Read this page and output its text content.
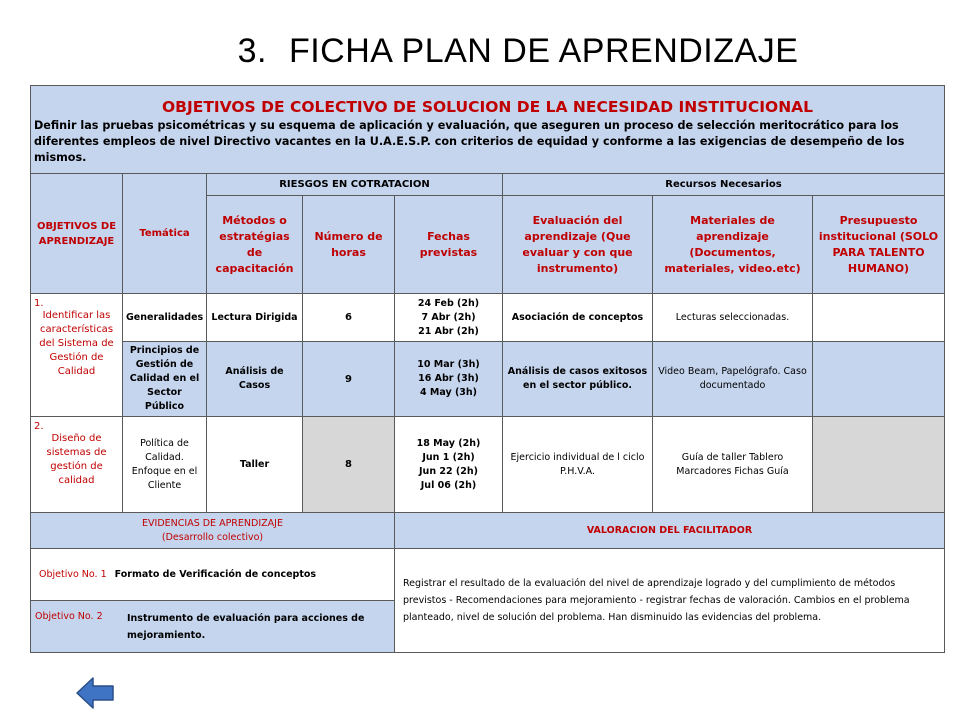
3. FICHA PLAN DE APRENDIZAJE
OBJETIVOS DE COLECTIVO DE SOLUCION DE LA NECESIDAD INSTITUCIONAL
Definir las pruebas psicométricas y su esquema de aplicación y evaluación, que aseguren un proceso de selección meritocrático para los diferentes empleos de nivel Directivo vacantes en la U.A.E.S.P. con criterios de equidad y conforme a las exigencias de desempeño de los mismos.							

OBJETIVOS DE APRENDIZAJE	Temática	RIESGOS EN COTRATACION			Recursos Necesarios		
		Métodos o estratégias de capacitación	Número de horas	Fechas previstas	Evaluación del aprendizaje (Que evaluar y con que instrumento)	Materiales de aprendizaje (Documentos, materiales, video.etc)	Presupuesto institucional (SOLO PARA TALENTO HUMANO)

1.
Identificar las características del Sistema de Gestión de Calidad	Generalidades	Lectura Dirigida	6	24 Feb (2h)
7 Abr (2h)
21 Abr (2h)	Asociación de conceptos	Lecturas seleccionadas.	
	Principios de Gestión de Calidad en el Sector Público	Análisis de Casos	9	10 Mar (3h)
16 Abr (3h)
4 May (3h)	Análisis de casos exitosos en el sector público.	Video Beam, Papelógrafo. Caso documentado	

2.
Diseño de sistemas de gestión de calidad	Política de Calidad. Enfoque en el Cliente	Taller	8	18 May (2h)
Jun 1 (2h)
Jun 22 (2h)
Jul 06 (2h)	Ejercicio individual de l ciclo P.H.V.A.	Guía de taller Tablero Marcadores Fichas Guía	

EVIDENCIAS DE APRENDIZAJE
(Desarrollo colectivo)				VALORACION DEL FACILITADOR			
Objetivo No. 1 Formato de Verificación de conceptos				Registrar el resultado de la evaluación del nivel de aprendizaje logrado y del cumplimiento de métodos previstos - Recomendaciones para mejoramiento - registrar fechas de valoración. Cambios en el problema planteado, nivel de solución del problema. Han disminuido las evidencias del problema.			

Objetivo No. 2 Instrumento de evaluación para acciones de mejoramiento.							
